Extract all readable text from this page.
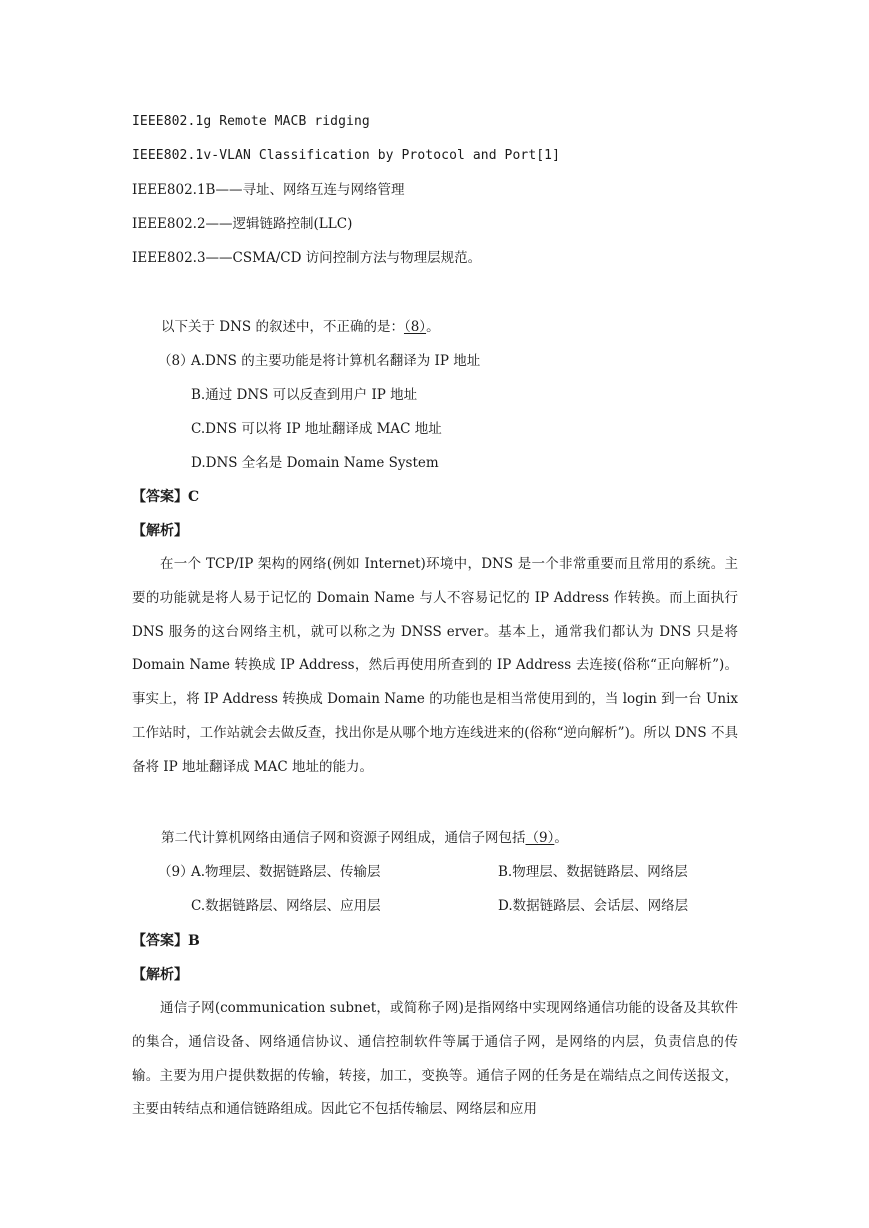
IEEE802.1g Remote MACB ridging
IEEE802.1v-VLAN Classification by Protocol and Port[1]
IEEE802.1B——寻址、网络互连与网络管理
IEEE802.2——逻辑链路控制(LLC)
IEEE802.3——CSMA/CD 访问控制方法与物理层规范。
以下关于 DNS 的叙述中，不正确的是：（8）。
（8）
A.DNS 的主要功能是将计算机名翻译为 IP 地址
B.通过 DNS 可以反查到用户 IP 地址
C.DNS 可以将 IP 地址翻译成 MAC 地址
D.DNS 全名是 Domain Name System
【答案】C
【解析】
在一个 TCP/IP 架构的网络(例如 Internet)环境中，DNS 是一个非常重要而且常用的系统。主要的功能就是将人易于记忆的 Domain Name 与人不容易记忆的 IP Address 作转换。而上面执行 DNS 服务的这台网络主机，就可以称之为 DNSS erver。基本上，通常我们都认为 DNS 只是将 Domain Name 转换成 IP Address，然后再使用所查到的 IP Address 去连接(俗称“正向解析”)。事实上，将 IP Address 转换成 Domain Name 的功能也是相当常使用到的，当 login 到一台 Unix 工作站时，工作站就会去做反查，找出你是从哪个地方连线进来的(俗称“逆向解析”)。所以 DNS 不具备将 IP 地址翻译成 MAC 地址的能力。
第二代计算机网络由通信子网和资源子网组成，通信子网包括（9）。
（9）
A.物理层、数据链路层、传输层	B.物理层、数据链路层、网络层
C.数据链路层、网络层、应用层	D.数据链路层、会话层、网络层
【答案】B
【解析】
通信子网(communication subnet，或简称子网)是指网络中实现网络通信功能的设备及其软件的集合，通信设备、网络通信协议、通信控制软件等属于通信子网，是网络的内层，负责信息的传输。主要为用户提供数据的传输，转接，加工，变换等。通信子网的任务是在端结点之间传送报文，主要由转结点和通信链路组成。因此它不包括传输层、网络层和应用
